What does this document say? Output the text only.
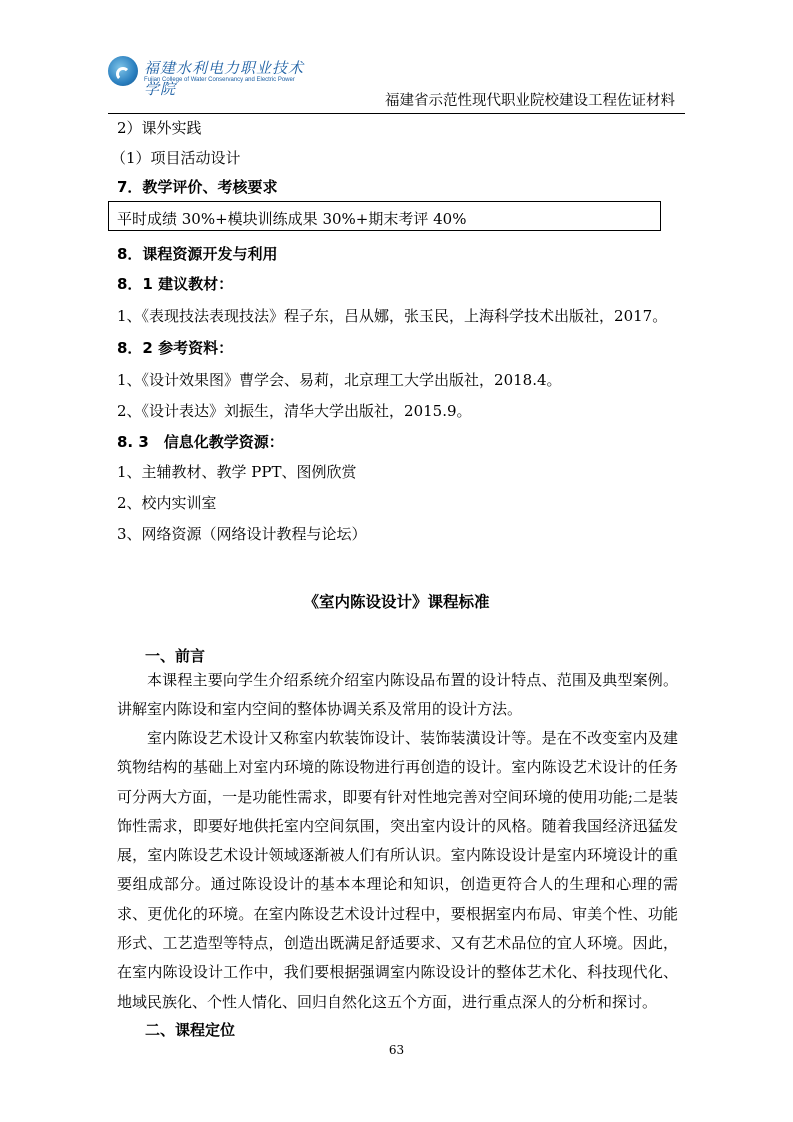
福建水利电力职业技术学院
Fujian College of Water Conservancy and Electric Power
福建省示范性现代职业院校建设工程佐证材料
2）课外实践
（1）项目活动设计
7．教学评价、考核要求
平时成绩 30%+模块训练成果 30%+期末考评 40%
8．课程资源开发与利用
8．1 建议教材：
1、《表现技法表现技法》程子东，吕从娜，张玉民，上海科学技术出版社，2017。
8．2 参考资料：
1、《设计效果图》曹学会、易莉，北京理工大学出版社，2018.4。
2、《设计表达》刘振生，清华大学出版社，2015.9。
8. 3　信息化教学资源：
1、主辅教材、教学 PPT、图例欣赏
2、校内实训室
3、网络资源（网络设计教程与论坛）
《室内陈设设计》课程标准
一、前言
本课程主要向学生介绍系统介绍室内陈设品布置的设计特点、范围及典型案例。讲解室内陈设和室内空间的整体协调关系及常用的设计方法。
室内陈设艺术设计又称室内软装饰设计、装饰装潢设计等。是在不改变室内及建筑物结构的基础上对室内环境的陈设物进行再创造的设计。室内陈设艺术设计的任务可分两大方面，一是功能性需求，即要有针对性地完善对空间环境的使用功能;二是装饰性需求，即要好地供托室内空间氛围，突出室内设计的风格。随着我国经济迅猛发展，室内陈设艺术设计领域逐渐被人们有所认识。室内陈设设计是室内环境设计的重要组成部分。通过陈设设计的基本本理论和知识，创造更符合人的生理和心理的需求、更优化的环境。在室内陈设艺术设计过程中，要根据室内布局、审美个性、功能形式、工艺造型等特点，创造出既满足舒适要求、又有艺术品位的宜人环境。因此，在室内陈设设计工作中，我们要根据强调室内陈设设计的整体艺术化、科技现代化、地域民族化、个性人情化、回归自然化这五个方面，进行重点深人的分析和探讨。
二、课程定位
63
